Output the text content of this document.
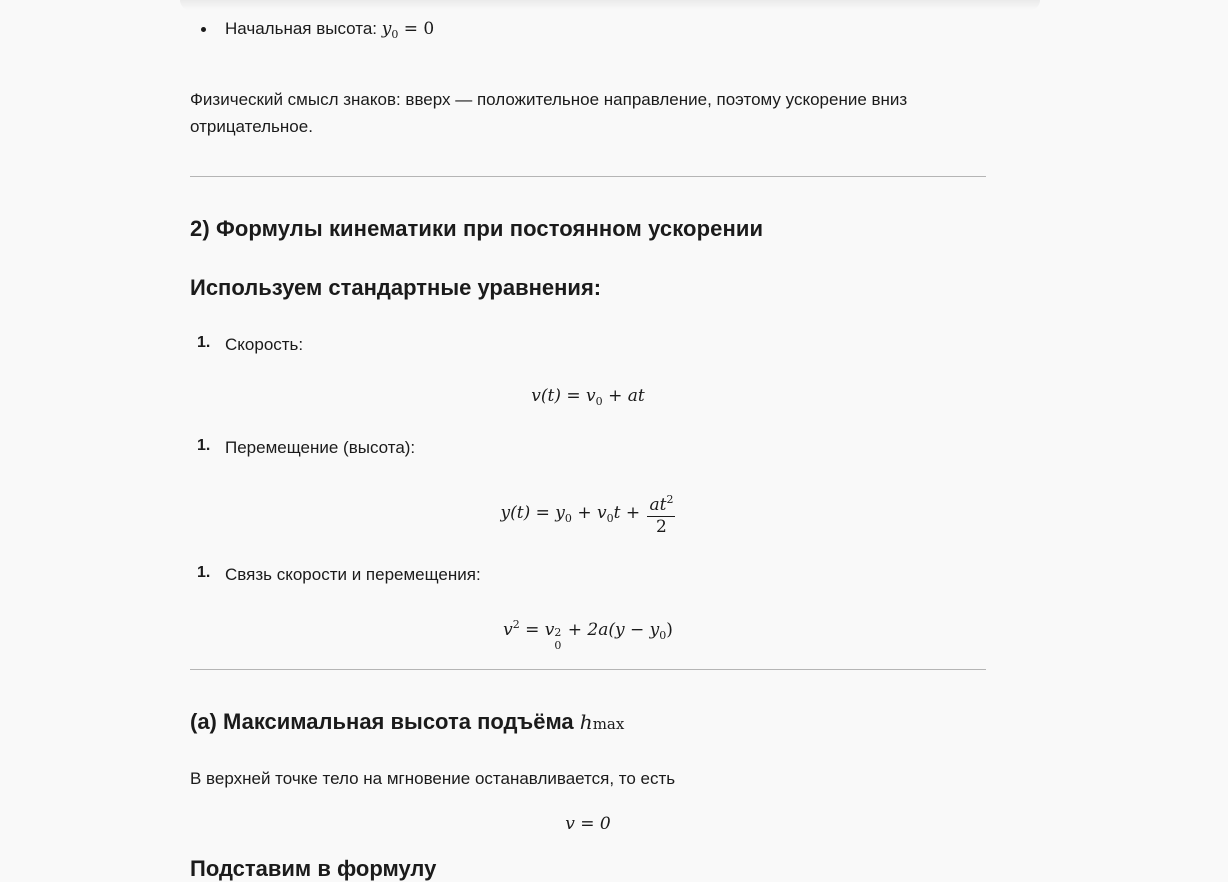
Начальная высота: $y_0 = 0$
Физический смысл знаков: вверх — положительное направление, поэтому ускорение вниз отрицательное.
2) Формулы кинематики при постоянном ускорении
Используем стандартные уравнения:
1. Скорость:
$v(t) = v_0$ + at
1. Перемещение (высота):
$y(t) = y_0 + v_0t + \frac{at^2}{2}$
1. Связь скорости и перемещения:
$v^2 = v$ 2
0
+ $2a(y - y_0)$
(a) Максимальная высота подъёма hmax
В верхней точке тело на мгновение останавливается, то есть
v = 0
Подставим в формулу
